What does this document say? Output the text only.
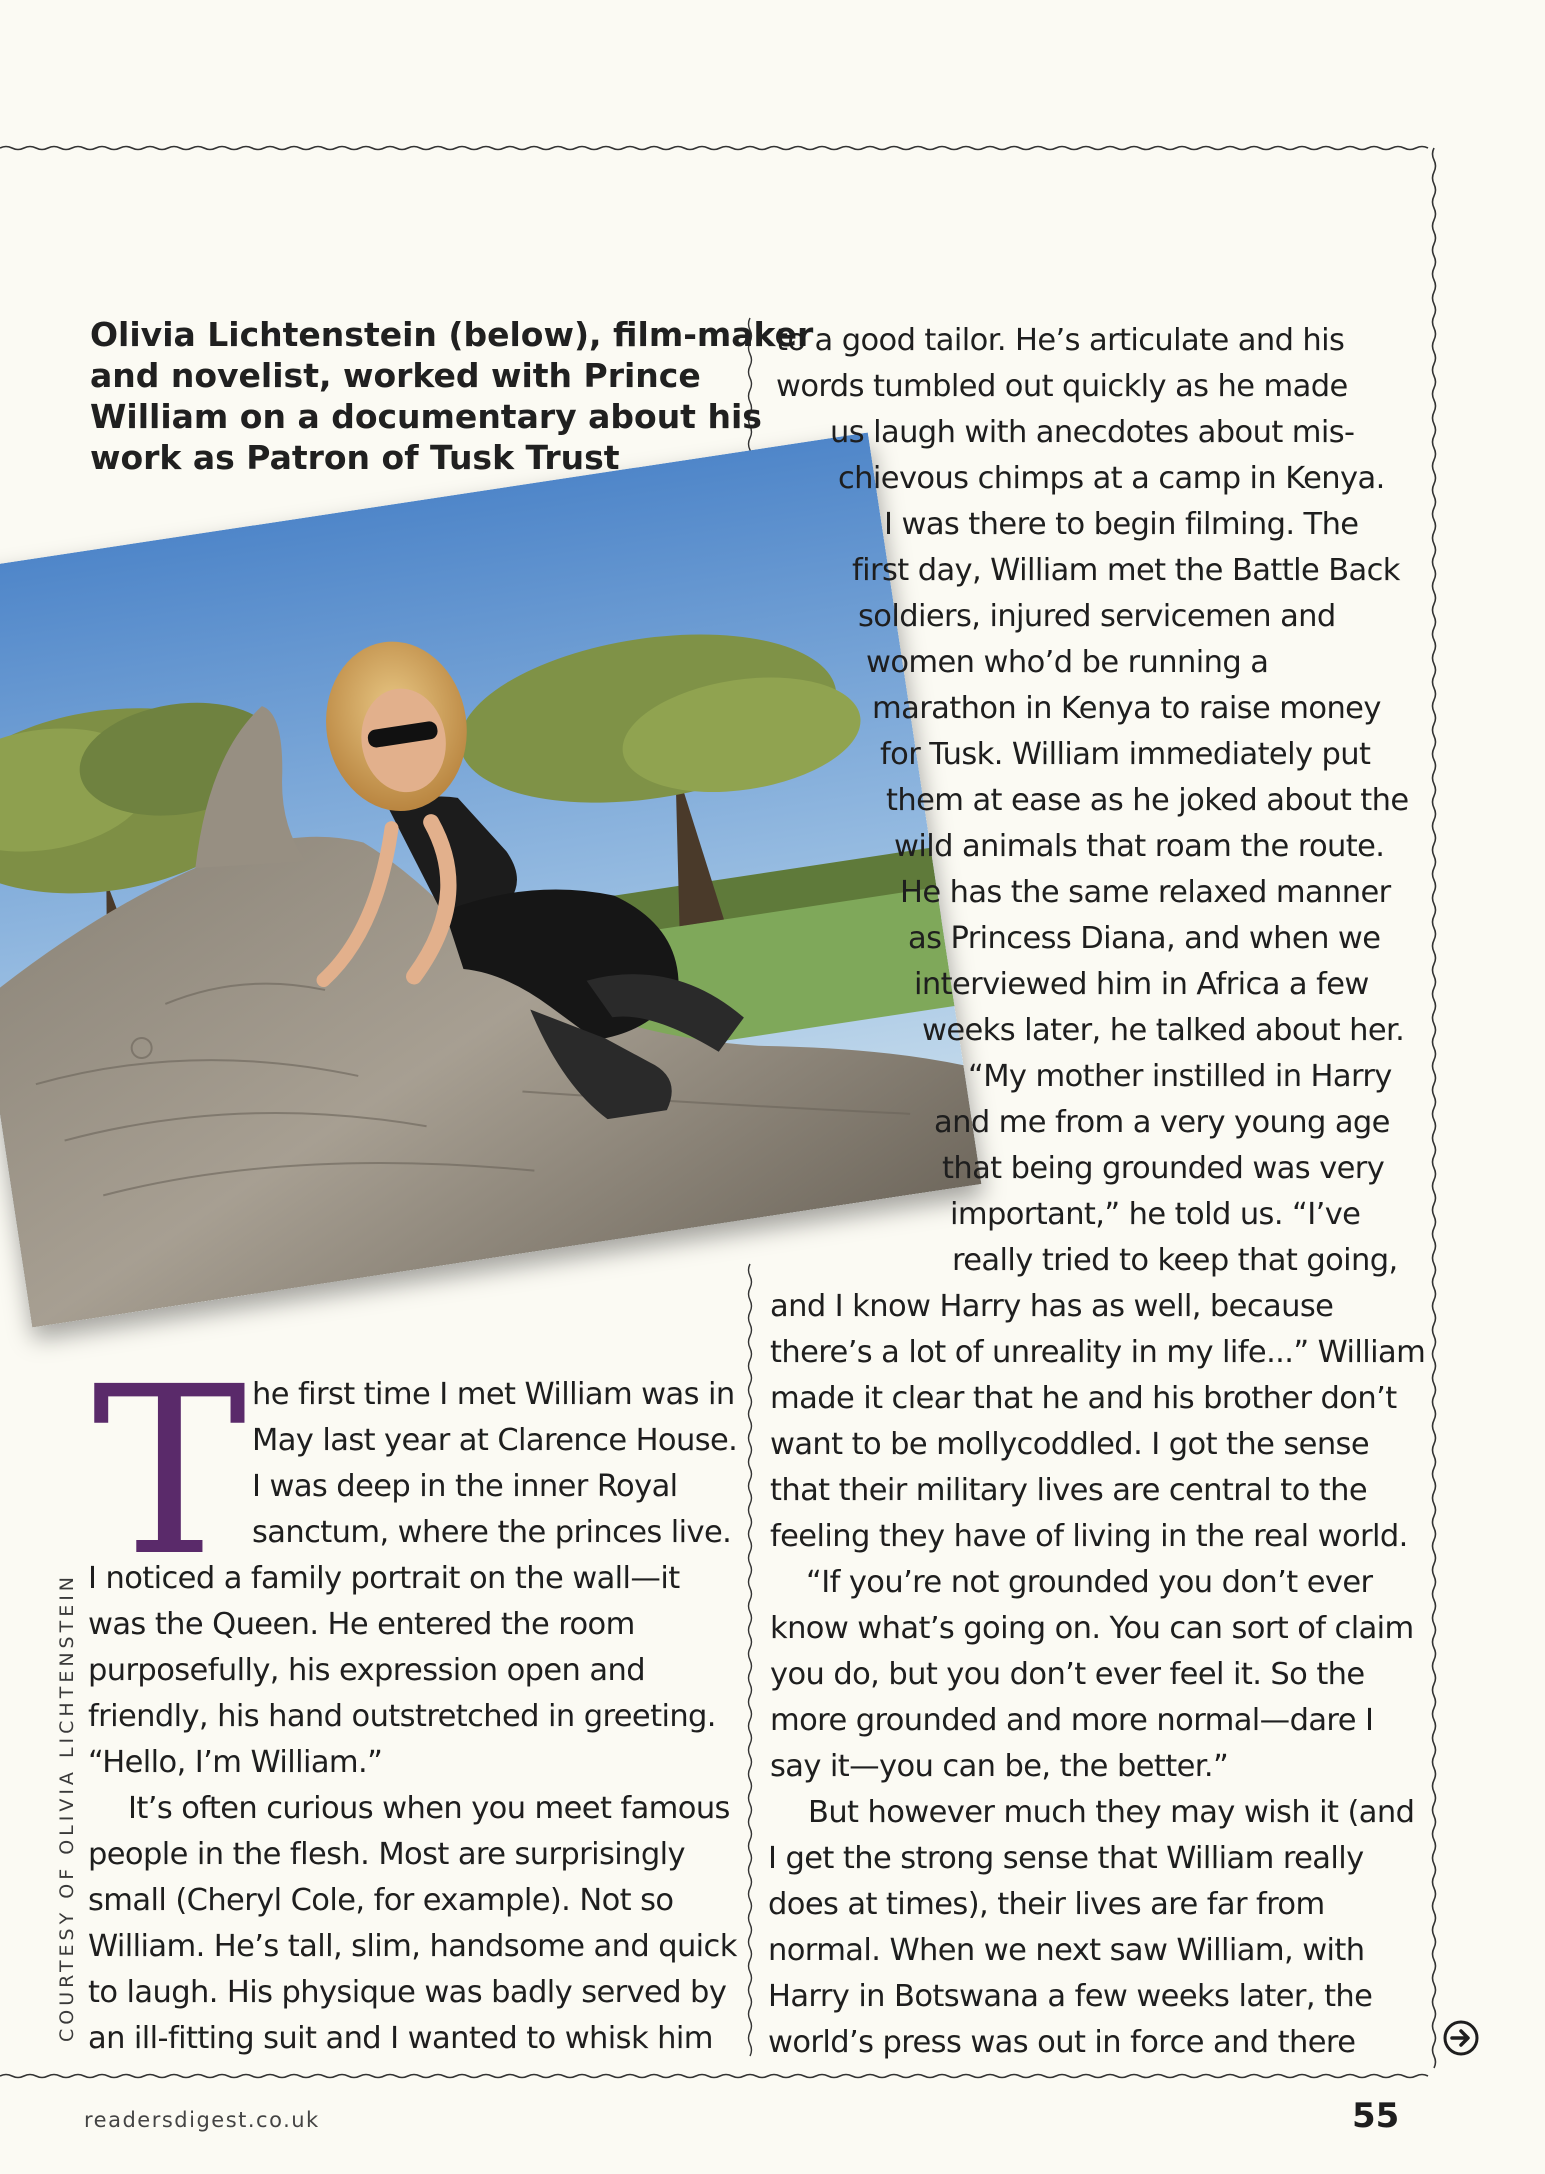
Olivia Lichtenstein (below), film-maker
and novelist, worked with Prince
William on a documentary about his
work as Patron of Tusk Trust
T he first time I met William was in
May last year at Clarence House.
I was deep in the inner Royal
sanctum, where the princes live.
I noticed a family portrait on the wall—it
was the Queen. He entered the room
purposefully, his expression open and
friendly, his hand outstretched in greeting.
“Hello, I’m William.”
It’s often curious when you meet famous
people in the flesh. Most are surprisingly
small (Cheryl Cole, for example). Not so
William. He’s tall, slim, handsome and quick
to laugh. His physique was badly served by
an ill-fitting suit and I wanted to whisk him
to a good tailor. He’s articulate and his
words tumbled out quickly as he made
us laugh with anecdotes about mis-
chievous chimps at a camp in Kenya.
I was there to begin filming. The
first day, William met the Battle Back
soldiers, injured servicemen and
women who’d be running a
marathon in Kenya to raise money
for Tusk. William immediately put
them at ease as he joked about the
wild animals that roam the route.
He has the same relaxed manner
as Princess Diana, and when we
interviewed him in Africa a few
weeks later, he talked about her.
“My mother instilled in Harry
and me from a very young age
that being grounded was very
important,” he told us. “I’ve
really tried to keep that going,
and I know Harry has as well, because
there’s a lot of unreality in my life...” William
made it clear that he and his brother don’t
want to be mollycoddled. I got the sense
that their military lives are central to the
feeling they have of living in the real world.
“If you’re not grounded you don’t ever
know what’s going on. You can sort of claim
you do, but you don’t ever feel it. So the
more grounded and more normal—dare I
say it—you can be, the better.”
But however much they may wish it (and
I get the strong sense that William really
does at times), their lives are far from
normal. When we next saw William, with
Harry in Botswana a few weeks later, the
world’s press was out in force and there
COURTESY OF OLIVIA LICHTENSTEIN
readersdigest.co.uk	55
